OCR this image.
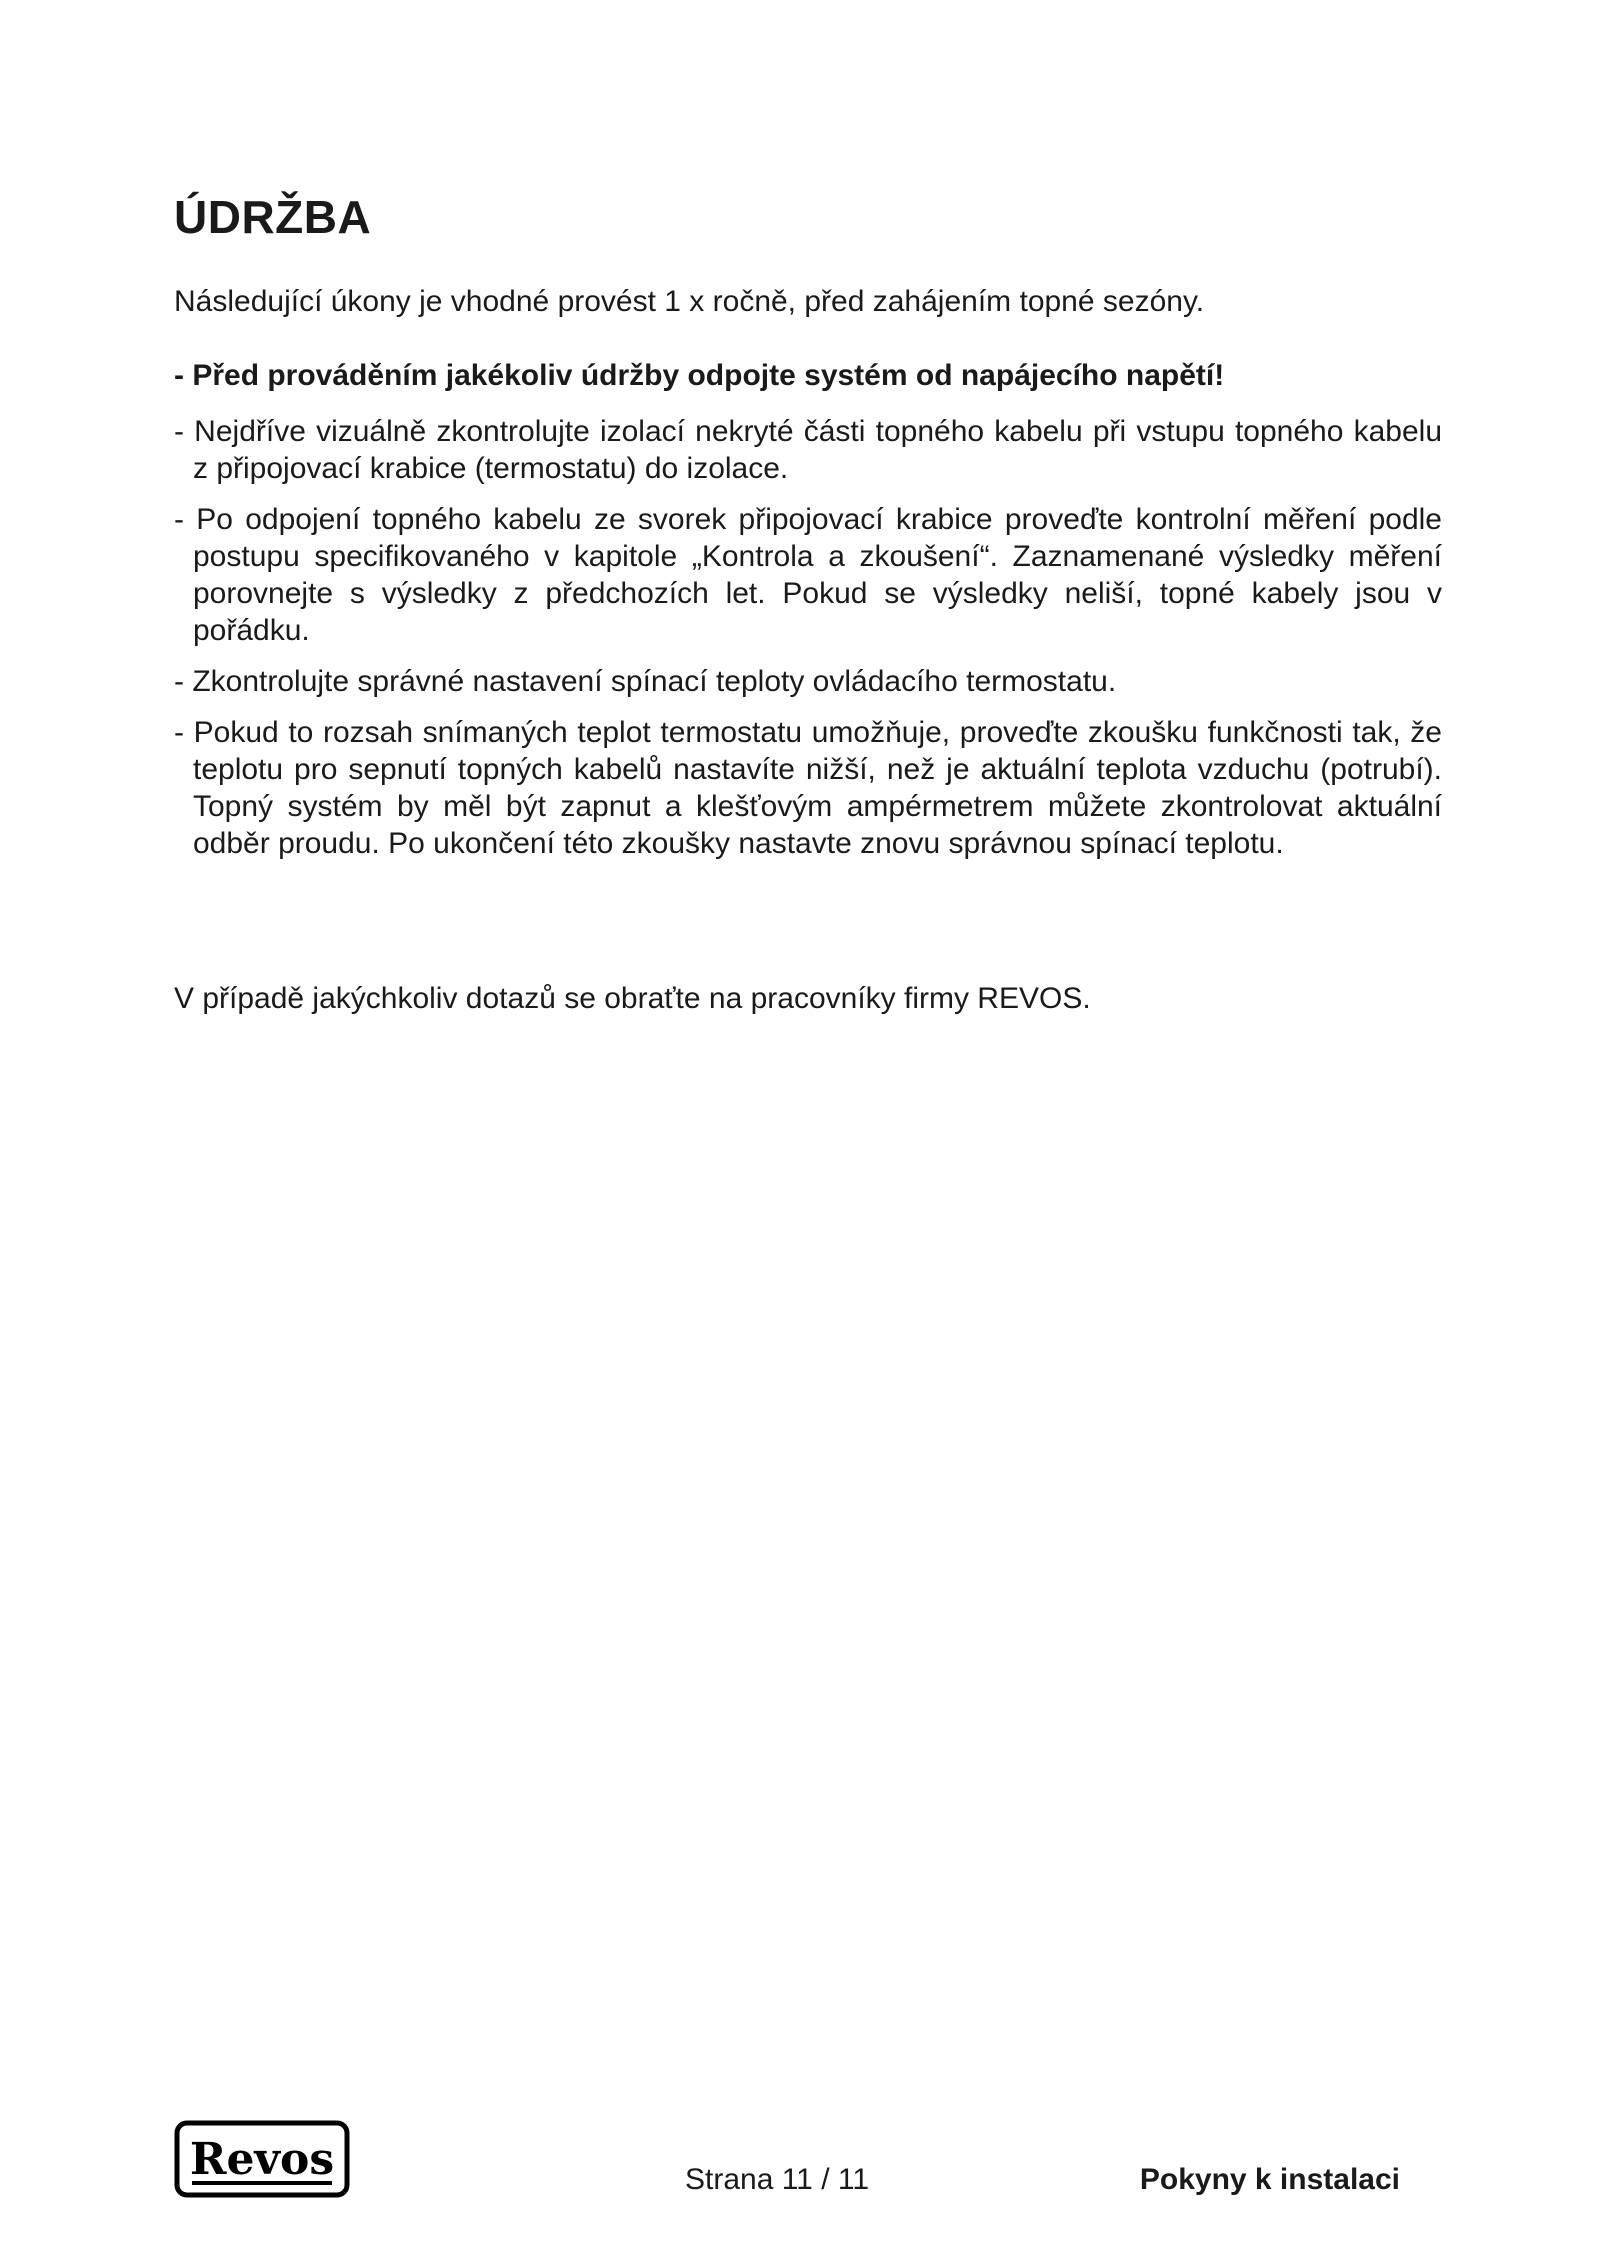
ÚDRŽBA

Následující úkony je vhodné provést 1 x ročně, před zahájením topné sezóny.

- Před prováděním jakékoliv údržby odpojte systém od napájecího napětí!

- Nejdříve vizuálně zkontrolujte izolací nekryté části topného kabelu při vstupu topného kabelu z připojovací krabice (termostatu) do izolace.

- Po odpojení topného kabelu ze svorek připojovací krabice proveďte kontrolní měření podle postupu specifikovaného v kapitole „Kontrola a zkoušení“. Zaznamenané výsledky měření porovnejte s výsledky z předchozích let. Pokud se výsledky neliší, topné kabely jsou v pořádku.

- Zkontrolujte správné nastavení spínací teploty ovládacího termostatu.

- Pokud to rozsah snímaných teplot termostatu umožňuje, proveďte zkoušku funkčnosti tak, že teplotu pro sepnutí topných kabelů nastavíte nižší, než je aktuální teplota vzduchu (potrubí). Topný systém by měl být zapnut a klešťovým ampérmetrem můžete zkontrolovat aktuální odběr proudu. Po ukončení této zkoušky nastavte znovu správnou spínací teplotu.

V případě jakýchkoliv dotazů se obraťte na pracovníky firmy REVOS.

Revos	Strana 11 / 11	Pokyny k instalaci
